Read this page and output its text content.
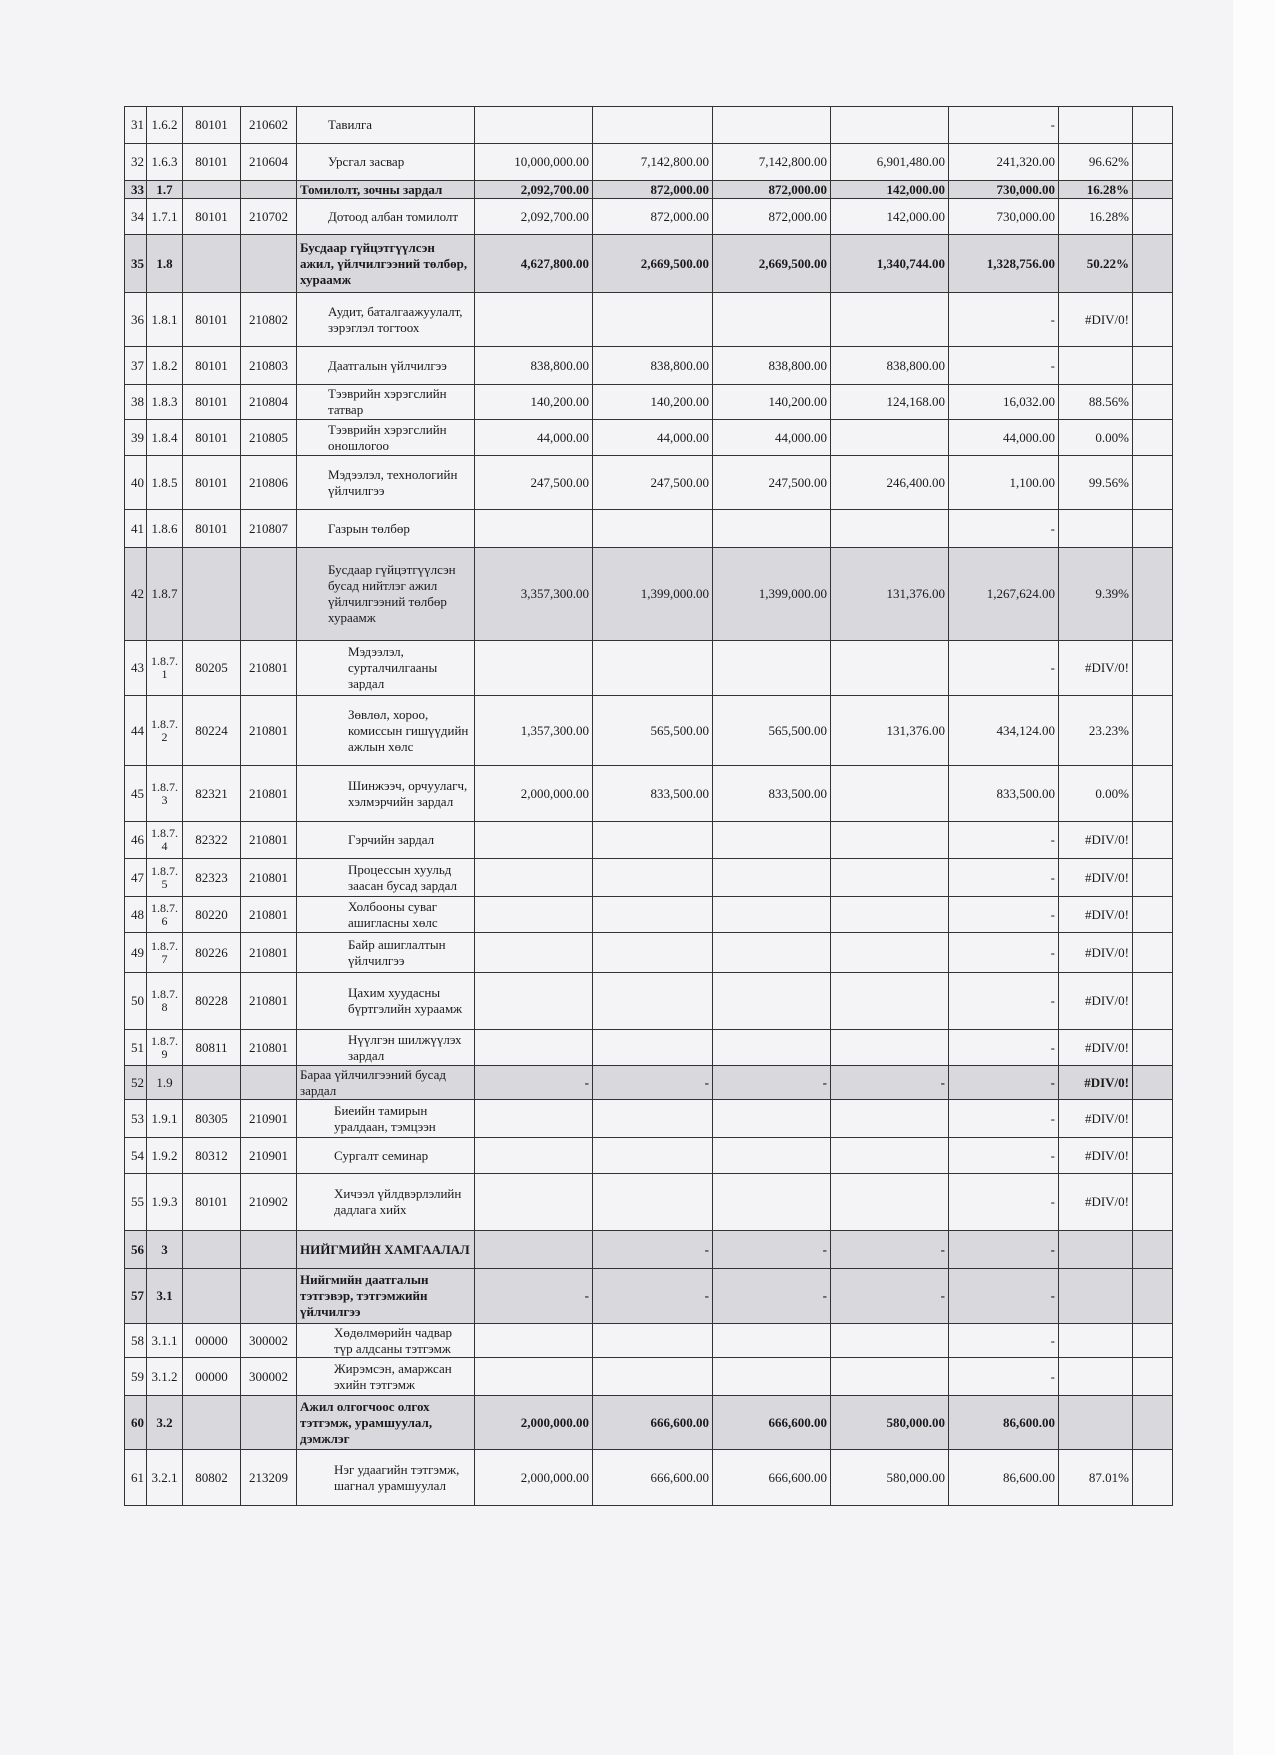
31	1.6.2	80101	210602	Тавилга					-		
32	1.6.3	80101	210604	Урсгал засвар	10,000,000.00	7,142,800.00	7,142,800.00	6,901,480.00	241,320.00	96.62%	
33	1.7			Томилолт, зочны зардал	2,092,700.00	872,000.00	872,000.00	142,000.00	730,000.00	16.28%	
34	1.7.1	80101	210702	Дотоод албан томилолт	2,092,700.00	872,000.00	872,000.00	142,000.00	730,000.00	16.28%	
35	1.8			Бусдаар гүйцэтгүүлсэн ажил, үйлчилгээний төлбөр, хураамж	4,627,800.00	2,669,500.00	2,669,500.00	1,340,744.00	1,328,756.00	50.22%	
36	1.8.1	80101	210802	Аудит, баталгаажуулалт, зэрэглэл тогтоох					-	#DIV/0!	
37	1.8.2	80101	210803	Даатгалын үйлчилгээ	838,800.00	838,800.00	838,800.00	838,800.00	-		
38	1.8.3	80101	210804	Тээврийн хэрэгслийн татвар	140,200.00	140,200.00	140,200.00	124,168.00	16,032.00	88.56%	
39	1.8.4	80101	210805	Тээврийн хэрэгслийн оношлогоо	44,000.00	44,000.00	44,000.00		44,000.00	0.00%	
40	1.8.5	80101	210806	Мэдээлэл, технологийн үйлчилгээ	247,500.00	247,500.00	247,500.00	246,400.00	1,100.00	99.56%	
41	1.8.6	80101	210807	Газрын төлбөр					-		
42	1.8.7			Бусдаар гүйцэтгүүлсэн бусад нийтлэг ажил үйлчилгээний төлбөр хураамж	3,357,300.00	1,399,000.00	1,399,000.00	131,376.00	1,267,624.00	9.39%	
43	1.8.7.1	80205	210801	Мэдээлэл, сурталчилгааны зардал					-	#DIV/0!	
44	1.8.7.2	80224	210801	Зөвлөл, хороо, комиссын гишүүдийн ажлын хөлс	1,357,300.00	565,500.00	565,500.00	131,376.00	434,124.00	23.23%	
45	1.8.7.3	82321	210801	Шинжээч, орчуулагч, хэлмэрчийн зардал	2,000,000.00	833,500.00	833,500.00		833,500.00	0.00%	
46	1.8.7.4	82322	210801	Гэрчийн зардал					-	#DIV/0!	
47	1.8.7.5	82323	210801	Процессын хуульд заасан бусад зардал					-	#DIV/0!	
48	1.8.7.6	80220	210801	Холбооны суваг ашигласны хөлс					-	#DIV/0!	
49	1.8.7.7	80226	210801	Байр ашиглалтын үйлчилгээ					-	#DIV/0!	
50	1.8.7.8	80228	210801	Цахим хуудасны бүртгэлийн хураамж					-	#DIV/0!	
51	1.8.7.9	80811	210801	Нүүлгэн шилжүүлэх зардал					-	#DIV/0!	
52	1.9			Бараа үйлчилгээний бусад зардал	-	-	-	-	-	#DIV/0!	
53	1.9.1	80305	210901	Биеийн тамирын уралдаан, тэмцээн					-	#DIV/0!	
54	1.9.2	80312	210901	Сургалт семинар					-	#DIV/0!	
55	1.9.3	80101	210902	Хичээл үйлдвэрлэлийн дадлага хийх					-	#DIV/0!	
56	3			НИЙГМИЙН ХАМГААЛАЛ		-	-	-	-		
57	3.1			Нийгмийн даатгалын тэтгэвэр, тэтгэмжийн үйлчилгээ	-	-	-	-	-		
58	3.1.1	00000	300002	Хөдөлмөрийн чадвар түр алдсаны тэтгэмж					-		
59	3.1.2	00000	300002	Жирэмсэн, амаржсан эхийн тэтгэмж					-		
60	3.2			Ажил олгогчоос олгох тэтгэмж, урамшуулал, дэмжлэг	2,000,000.00	666,600.00	666,600.00	580,000.00	86,600.00		
61	3.2.1	80802	213209	Нэг удаагийн тэтгэмж, шагнал урамшуулал	2,000,000.00	666,600.00	666,600.00	580,000.00	86,600.00	87.01%	
